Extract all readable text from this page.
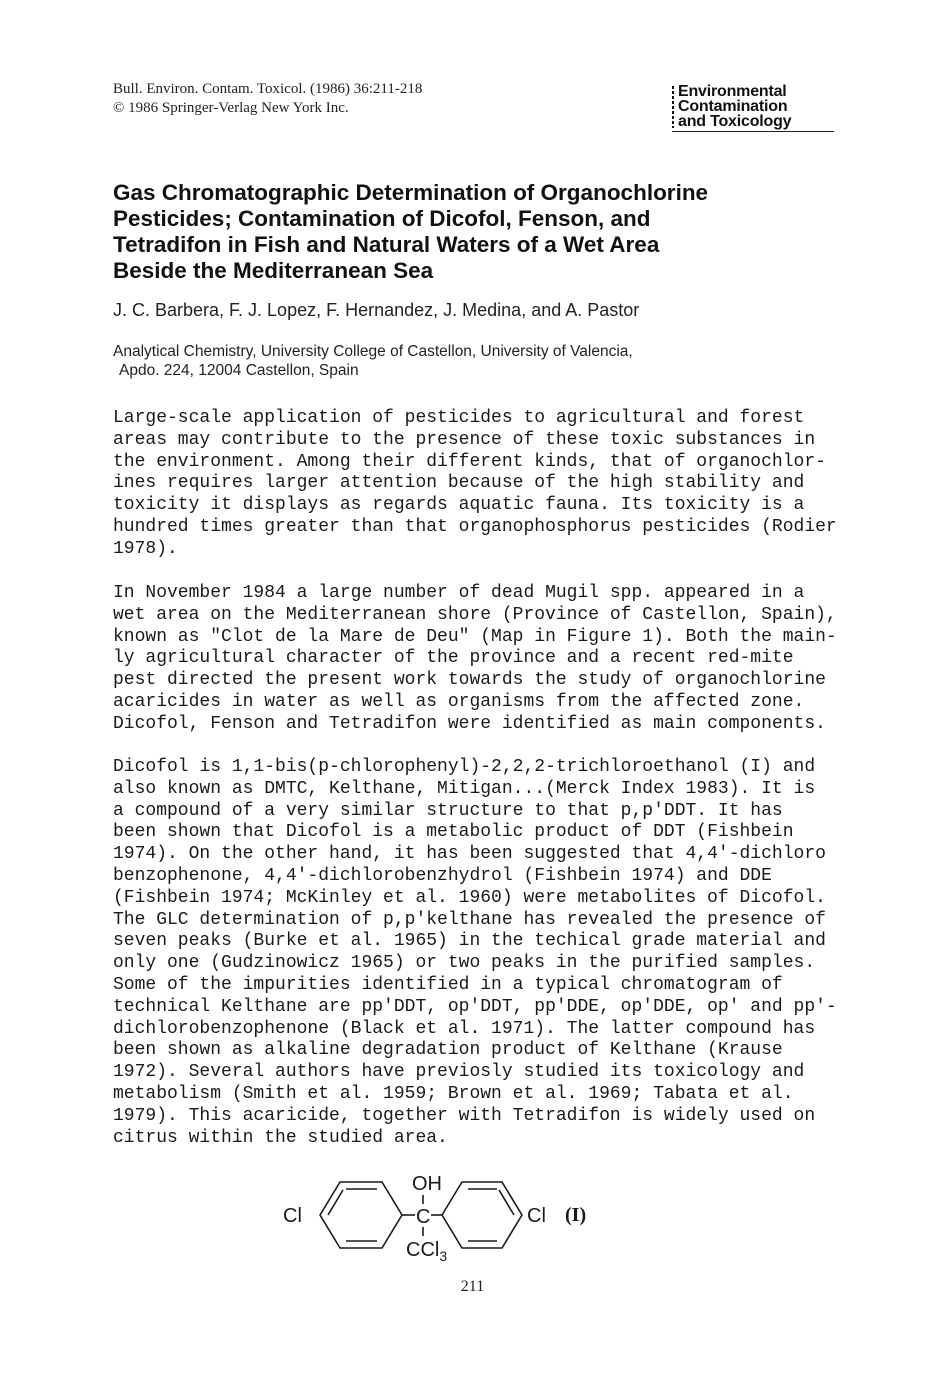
Bull. Environ. Contam. Toxicol. (1986) 36:211-218
© 1986 Springer-Verlag New York Inc.
Environmental
Contamination
and Toxicology
Gas Chromatographic Determination of Organochlorine
Pesticides; Contamination of Dicofol, Fenson, and
Tetradifon in Fish and Natural Waters of a Wet Area
Beside the Mediterranean Sea
J. C. Barbera, F. J. Lopez, F. Hernandez, J. Medina, and A. Pastor
Analytical Chemistry, University College of Castellon, University of Valencia,
Apdo. 224, 12004 Castellon, Spain
Large-scale application of pesticides to agricultural and forest
areas may contribute to the presence of these toxic substances in
the environment. Among their different kinds, that of organochlor-
ines requires larger attention because of the high stability and
toxicity it displays as regards aquatic fauna. Its toxicity is a
hundred times greater than that organophosphorus pesticides (Rodier
1978).
In November 1984 a large number of dead Mugil spp. appeared in a
wet area on the Mediterranean shore (Province of Castellon, Spain),
known as "Clot de la Mare de Deu" (Map in Figure 1). Both the main-
ly agricultural character of the province and a recent red-mite
pest directed the present work towards the study of organochlorine
acaricides in water as well as organisms from the affected zone.
Dicofol, Fenson and Tetradifon were identified as main components.
Dicofol is 1,1-bis(p-chlorophenyl)-2,2,2-trichloroethanol (I) and
also known as DMTC, Kelthane, Mitigan...(Merck Index 1983). It is
a compound of a very similar structure to that p,p'DDT. It has
been shown that Dicofol is a metabolic product of DDT (Fishbein
1974). On the other hand, it has been suggested that 4,4'-dichloro
benzophenone, 4,4'-dichlorobenzhydrol (Fishbein 1974) and DDE
(Fishbein 1974; McKinley et al. 1960) were metabolites of Dicofol.
The GLC determination of p,p'kelthane has revealed the presence of
seven peaks (Burke et al. 1965) in the techical grade material and
only one (Gudzinowicz 1965) or two peaks in the purified samples.
Some of the impurities identified in a typical chromatogram of
technical Kelthane are pp'DDT, op'DDT, pp'DDE, op'DDE, op' and pp'-
dichlorobenzophenone (Black et al. 1971). The latter compound has
been shown as alkaline degradation product of Kelthane (Krause
1972). Several authors have previosly studied its toxicology and
metabolism (Smith et al. 1959; Brown et al. 1969; Tabata et al.
1979). This acaricide, together with Tetradifon is widely used on
citrus within the studied area.
Cl	Cl
OH
C
CCl$_3$
(I)
211
